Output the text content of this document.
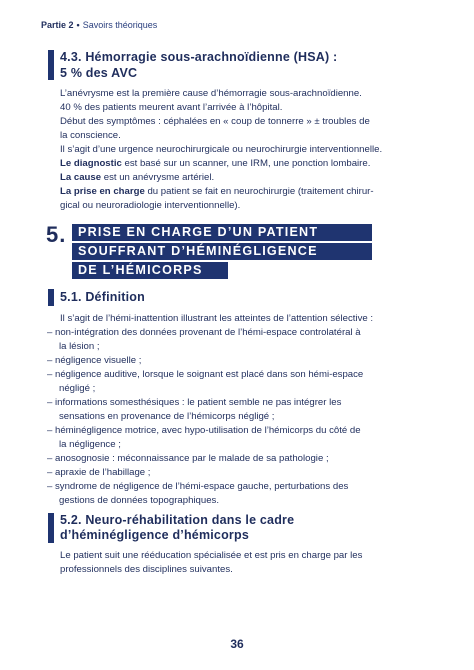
Partie 2 • Savoirs théoriques
4.3. Hémorragie sous-arachnoïdienne (HSA) :
5 % des AVC
L’anévrysme est la première cause d’hémorragie sous-arachnoïdienne.
40 % des patients meurent avant l’arrivée à l’hôpital.
Début des symptômes : céphalées en « coup de tonnerre » ± troubles de
la conscience.
Il s’agit d’une urgence neurochirurgicale ou neurochirurgie interventionnelle.
Le diagnostic est basé sur un scanner, une IRM, une ponction lombaire.
La cause est un anévrysme artériel.
La prise en charge du patient se fait en neurochirurgie (traitement chirur-
gical ou neuroradiologie interventionnelle).
5. PRISE EN CHARGE D’UN PATIENT
SOUFFRANT D’HÉMINÉGLIGENCE
DE L’HÉMICORPS
5.1. Définition
Il s’agit de l’hémi-inattention illustrant les atteintes de l’attention sélective :
– non-intégration des données provenant de l’hémi-espace controlatéral à
la lésion ;
– négligence visuelle ;
– négligence auditive, lorsque le soignant est placé dans son hémi-espace
négligé ;
– informations somesthésiques : le patient semble ne pas intégrer les
sensations en provenance de l’hémicorps négligé ;
– héminégligence motrice, avec hypo-utilisation de l’hémicorps du côté de
la négligence ;
– anosognosie : méconnaissance par le malade de sa pathologie ;
– apraxie de l’habillage ;
– syndrome de négligence de l’hémi-espace gauche, perturbations des
gestions de données topographiques.
5.2. Neuro-réhabilitation dans le cadre
d’héminégligence d’hémicorps
Le patient suit une rééducation spécialisée et est pris en charge par les
professionnels des disciplines suivantes.
36
